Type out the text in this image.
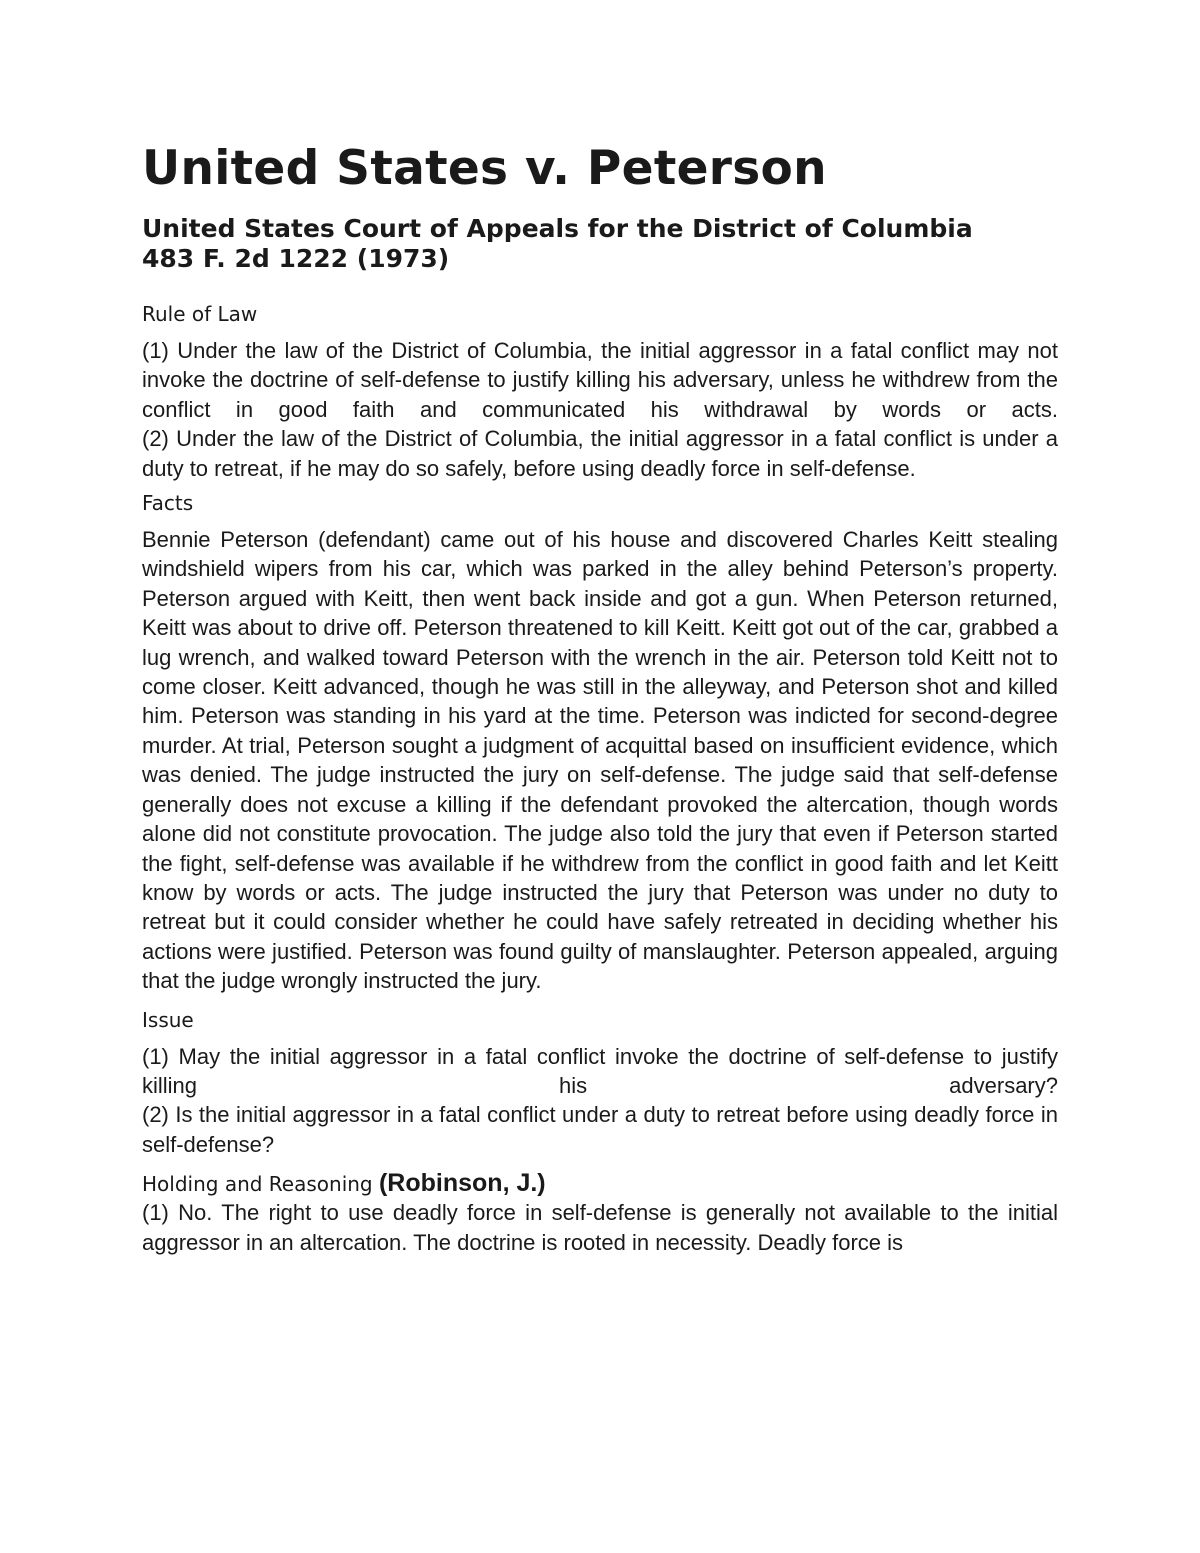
United States v. Peterson

United States Court of Appeals for the District of Columbia

483 F. 2d 1222 (1973)

Rule of Law

(1) Under the law of the District of Columbia, the initial aggressor in a fatal conflict may not invoke the doctrine of self-defense to justify killing his adversary, unless he withdrew from the conflict in good faith and communicated his withdrawal by words or acts.
(2) Under the law of the District of Columbia, the initial aggressor in a fatal conflict is under a duty to retreat, if he may do so safely, before using deadly force in self-defense.

Facts

Bennie Peterson (defendant) came out of his house and discovered Charles Keitt stealing windshield wipers from his car, which was parked in the alley behind Peterson’s property. Peterson argued with Keitt, then went back inside and got a gun. When Peterson returned, Keitt was about to drive off. Peterson threatened to kill Keitt. Keitt got out of the car, grabbed a lug wrench, and walked toward Peterson with the wrench in the air. Peterson told Keitt not to come closer. Keitt advanced, though he was still in the alleyway, and Peterson shot and killed him. Peterson was standing in his yard at the time. Peterson was indicted for second-degree murder. At trial, Peterson sought a judgment of acquittal based on insufficient evidence, which was denied. The judge instructed the jury on self-defense. The judge said that self-defense generally does not excuse a killing if the defendant provoked the altercation, though words alone did not constitute provocation. The judge also told the jury that even if Peterson started the fight, self-defense was available if he withdrew from the conflict in good faith and let Keitt know by words or acts. The judge instructed the jury that Peterson was under no duty to retreat but it could consider whether he could have safely retreated in deciding whether his actions were justified. Peterson was found guilty of manslaughter. Peterson appealed, arguing that the judge wrongly instructed the jury.

Issue

(1) May the initial aggressor in a fatal conflict invoke the doctrine of self-defense to justify killing his adversary?
(2) Is the initial aggressor in a fatal conflict under a duty to retreat before using deadly force in self-defense?

Holding and Reasoning (Robinson, J.)

(1) No. The right to use deadly force in self-defense is generally not available to the initial aggressor in an altercation. The doctrine is rooted in necessity. Deadly force is
